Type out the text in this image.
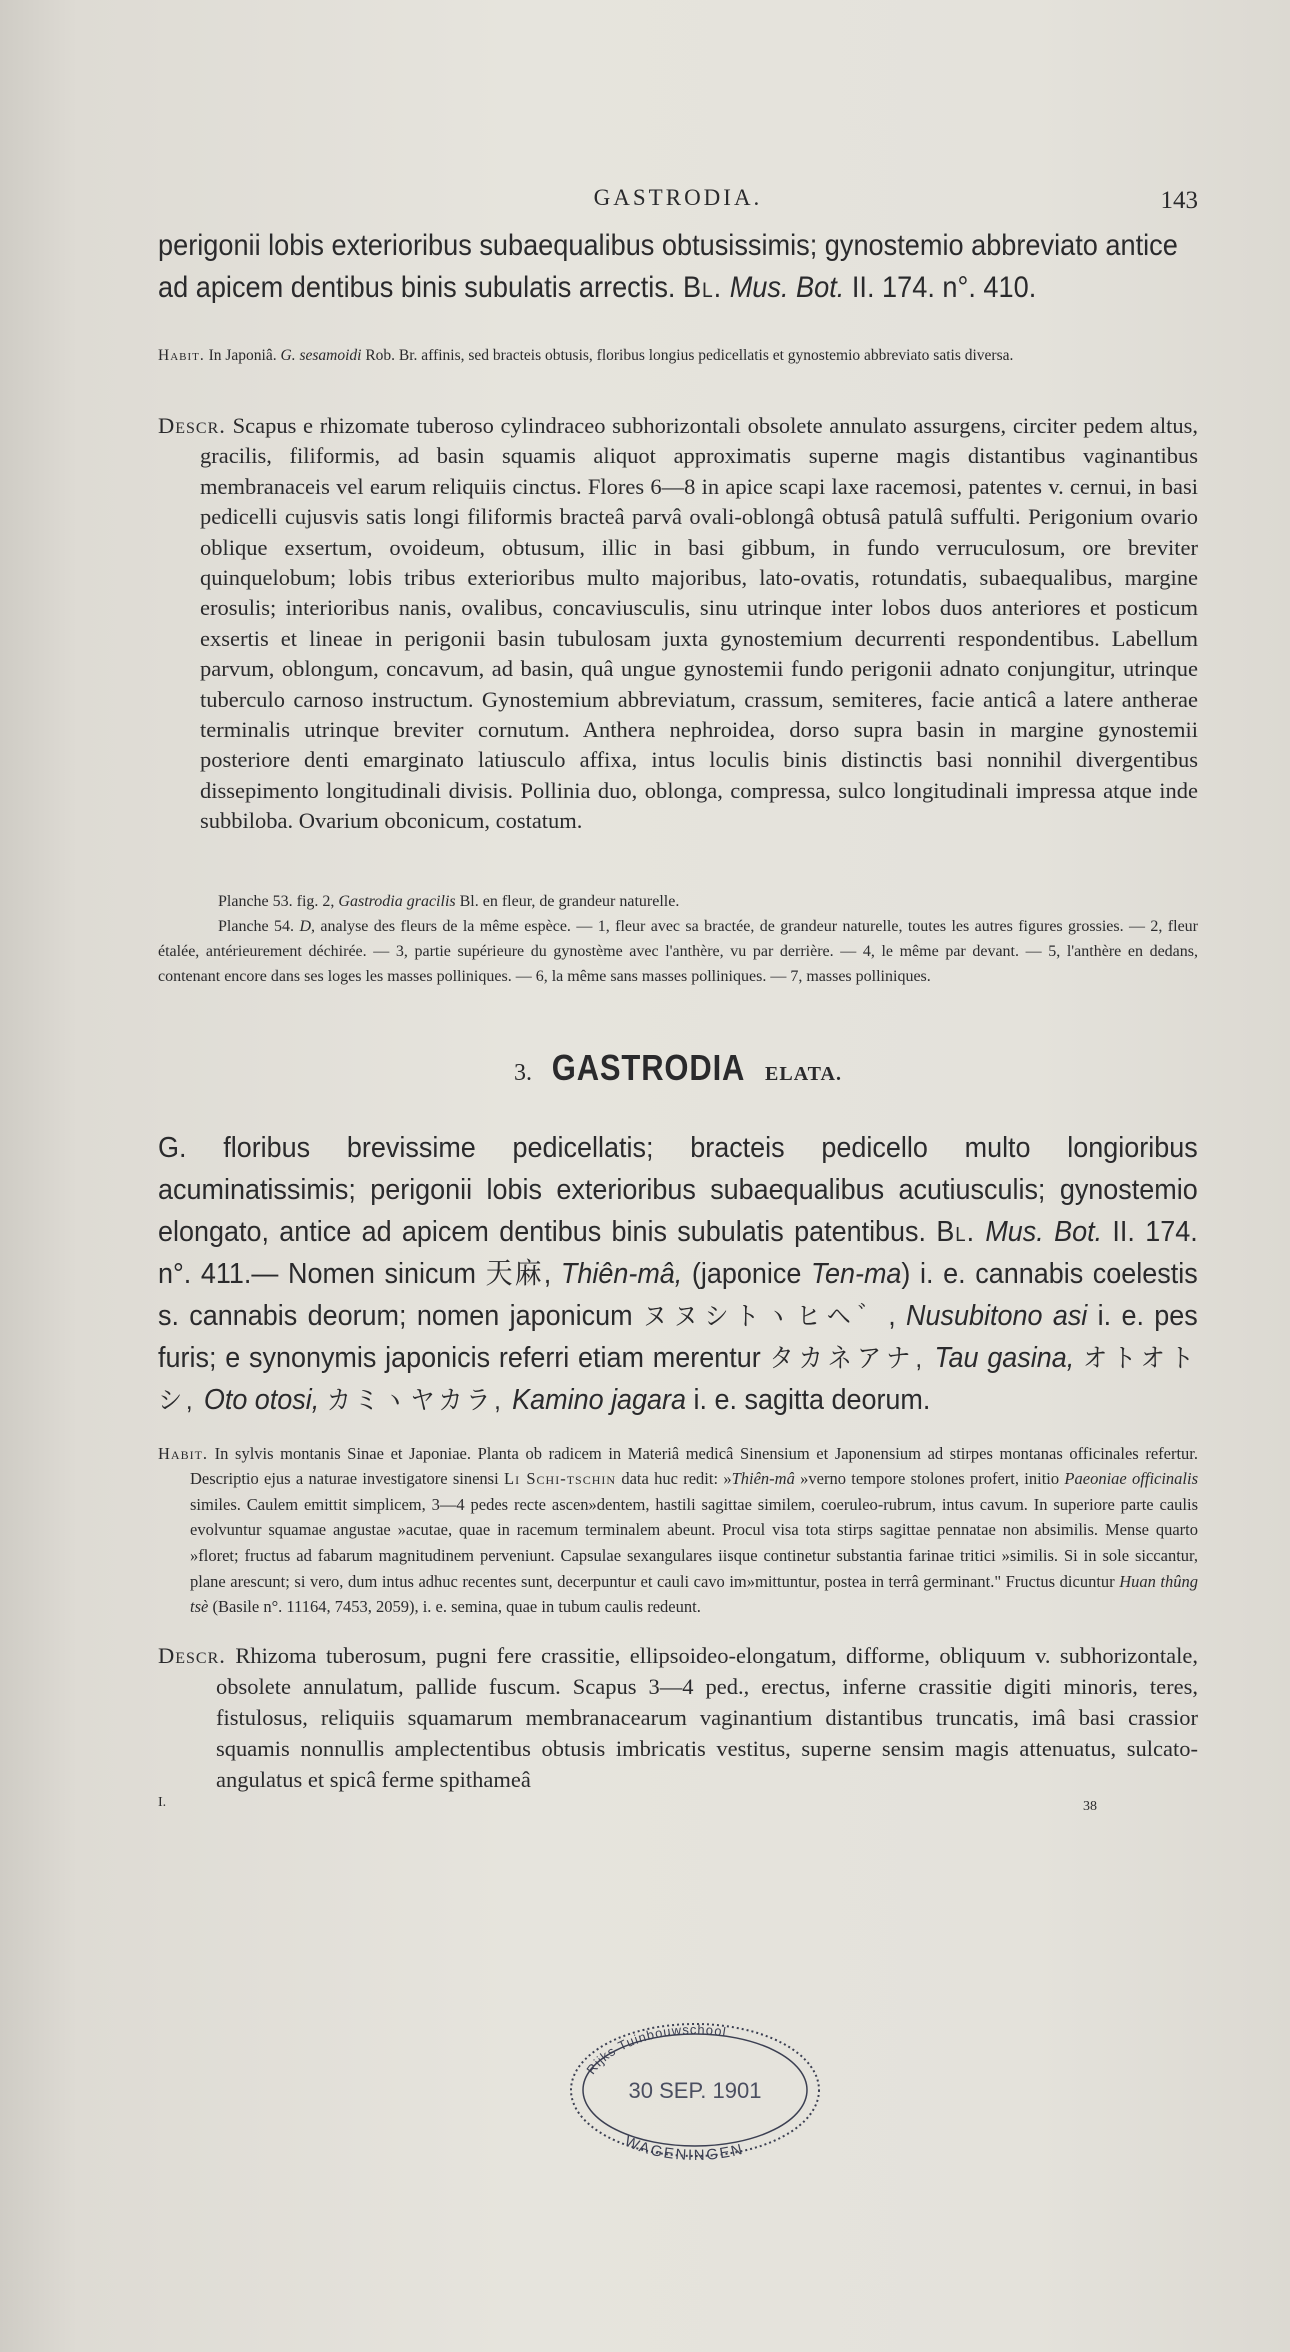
GASTRODIA.	143

perigonii lobis exterioribus subaequalibus obtusissimis; gynostemio abbreviato antice ad apicem dentibus binis subulatis arrectis. Bl. Mus. Bot. II. 174. n°. 410.

Habit. In Japoniâ. G. sesamoidi Rob. Br. affinis, sed bracteis obtusis, floribus longius pedicellatis et gynostemio abbreviato satis diversa.

Descr. Scapus e rhizomate tuberoso cylindraceo subhorizontali obsolete annulato assurgens, circiter pedem altus, gracilis, filiformis, ad basin squamis aliquot approximatis superne magis distantibus vaginantibus membranaceis vel earum reliquiis cinctus. Flores 6—8 in apice scapi laxe racemosi, patentes v. cernui, in basi pedicelli cujusvis satis longi filiformis bracteâ parvâ ovali-oblongâ obtusâ patulâ suffulti. Perigonium ovario oblique exsertum, ovoideum, obtusum, illic in basi gibbum, in fundo verruculosum, ore breviter quinquelobum; lobis tribus exterioribus multo majoribus, lato-ovatis, rotundatis, subaequalibus, margine erosulis; interioribus nanis, ovalibus, concaviusculis, sinu utrinque inter lobos duos anteriores et posticum exsertis et lineae in perigonii basin tubulosam juxta gynostemium decurrenti respondentibus. Labellum parvum, oblongum, concavum, ad basin, quâ ungue gynostemii fundo perigonii adnato conjungitur, utrinque tuberculo carnoso instructum. Gynostemium abbreviatum, crassum, semiteres, facie anticâ a latere antherae terminalis utrinque breviter cornutum. Anthera nephroidea, dorso supra basin in margine gynostemii posteriore denti emarginato latiusculo affixa, intus loculis binis distinctis basi nonnihil divergentibus dissepimento longitudinali divisis. Pollinia duo, oblonga, compressa, sulco longitudinali impressa atque inde subbiloba. Ovarium obconicum, costatum.

Planche 53. fig. 2, Gastrodia gracilis Bl. en fleur, de grandeur naturelle.

Planche 54. D, analyse des fleurs de la même espèce. — 1, fleur avec sa bractée, de grandeur naturelle, toutes les autres figures grossies. — 2, fleur étalée, antérieurement déchirée. — 3, partie supérieure du gynostème avec l'anthère, vu par derrière. — 4, le même par devant. — 5, l'anthère en dedans, contenant encore dans ses loges les masses polliniques. — 6, la même sans masses polliniques. — 7, masses polliniques.

3. GASTRODIA ELATA.

G. floribus brevissime pedicellatis; bracteis pedicello multo longioribus acuminatissimis; perigonii lobis exterioribus subaequalibus acutiusculis; gynostemio elongato, antice ad apicem dentibus binis subulatis patentibus. Bl. Mus. Bot. II. 174. n°. 411.— Nomen sinicum 天麻, Thiên-mâ, (japonice Ten-ma) i. e. cannabis coelestis s. cannabis deorum; nomen japonicum ヌヌシトヽヒヘ゛, Nusubitono asi i. e. pes furis; e synonymis japonicis referri etiam merentur タカネアナ, Tau gasina, オトオトシ, Oto otosi, カミヽヤカラ, Kamino jagara i. e. sagitta deorum.

Habit. In sylvis montanis Sinae et Japoniae. Planta ob radicem in Materiâ medicâ Sinensium et Japonensium ad stirpes montanas officinales refertur. Descriptio ejus a naturae investigatore sinensi Li Schi-tschin data huc redit: »Thiên-mâ »verno tempore stolones profert, initio Paeoniae officinalis similes. Caulem emittit simplicem, 3—4 pedes recte ascen»dentem, hastili sagittae similem, coeruleo-rubrum, intus cavum. In superiore parte caulis evolvuntur squamae angustae »acutae, quae in racemum terminalem abeunt. Procul visa tota stirps sagittae pennatae non absimilis. Mense quarto »floret; fructus ad fabarum magnitudinem perveniunt. Capsulae sexangulares iisque continetur substantia farinae tritici »similis. Si in sole siccantur, plane arescunt; si vero, dum intus adhuc recentes sunt, decerpuntur et cauli cavo im»mittuntur, postea in terrâ germinant." Fructus dicuntur Huan thûng tsè (Basile n°. 11164, 7453, 2059), i. e. semina, quae in tubum caulis redeunt.

Descr. Rhizoma tuberosum, pugni fere crassitie, ellipsoideo-elongatum, difforme, obliquum v. subhorizontale, obsolete annulatum, pallide fuscum. Scapus 3—4 ped., erectus, inferne crassitie digiti minoris, teres, fistulosus, reliquiis squamarum membranacearum vaginantium distantibus truncatis, imâ basi crassior squamis nonnullis amplectentibus obtusis imbricatis vestitus, superne sensim magis attenuatus, sulcato-angulatus et spicâ ferme spithameâ

I.	38
Rijks Tuinbouwschool
30 SEP. 1901
WAGENINGEN
